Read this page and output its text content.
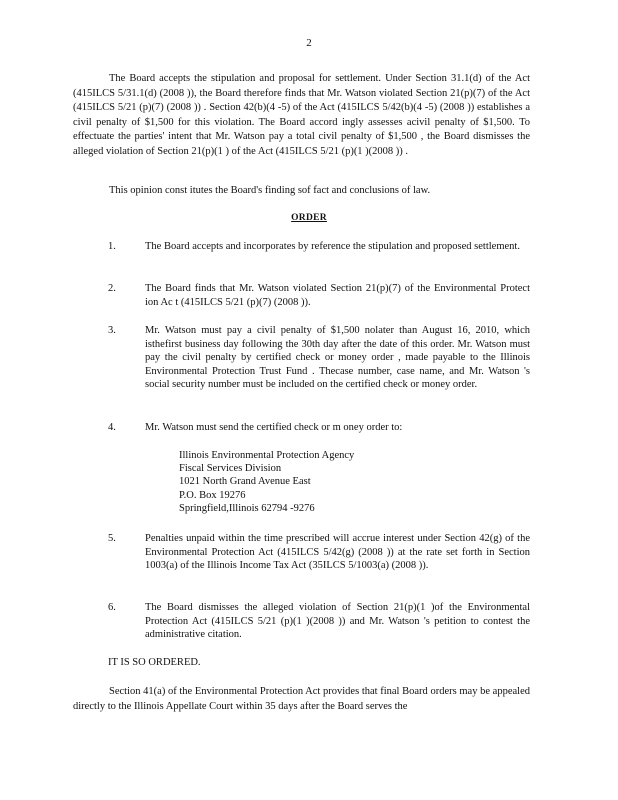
2

The Board accepts the stipulation and proposal for settlement. Under Section 31.1(d) of the Act (415ILCS 5/31.1(d) (2008 )), the Board therefore finds that Mr. Watson violated Section 21(p)(7) of the Act (415ILCS 5/21 (p)(7) (2008 )) . Section 42(b)(4 -5) of the Act (415ILCS 5/42(b)(4 -5) (2008 )) establishes a civil penalty of $1,500 for this violation. The Board accord ingly assesses acivil penalty of $1,500. To effectuate the parties' intent that Mr. Watson pay a total civil penalty of $1,500 , the Board dismisses the alleged violation of Section 21(p)(1 ) of the Act (415ILCS 5/21 (p)(1 )(2008 )) .

This opinion const itutes the Board's finding sof fact and conclusions of law.

ORDER
1.	The Board accepts and incorporates by reference the stipulation and proposed settlement.
2.	The Board finds that Mr. Watson violated Section 21(p)(7) of the Environmental Protect ion Ac t (415ILCS 5/21 (p)(7) (2008 )).
3.	Mr. Watson must pay a civil penalty of $1,500 nolater than August 16, 2010, which isthefirst business day following the 30th day after the date of this order. Mr. Watson must pay the civil penalty by certified check or money order , made payable to the Illinois Environmental Protection Trust Fund . Thecase number, case name, and Mr. Watson 's social security number must be included on the certified check or money order.
4.	Mr. Watson must send the certified check or m oney order to:
Illinois Environmental Protection Agency
Fiscal Services Division
1021 North Grand Avenue East
P.O. Box 19276
Springfield,Illinois 62794 -9276
5.	Penalties unpaid within the time prescribed will accrue interest under Section 42(g) of the Environmental Protection Act (415ILCS 5/42(g) (2008 )) at the rate set forth in Section 1003(a) of the Illinois Income Tax Act (35ILCS 5/1003(a) (2008 )).
6.	The Board dismisses the alleged violation of Section 21(p)(1 )of the Environmental Protection Act (415ILCS 5/21 (p)(1 )(2008 )) and Mr. Watson 's petition to contest the administrative citation.
IT IS SO ORDERED.

Section 41(a) of the Environmental Protection Act provides that final Board orders may be appealed directly to the Illinois Appellate Court within 35 days after the Board serves the
